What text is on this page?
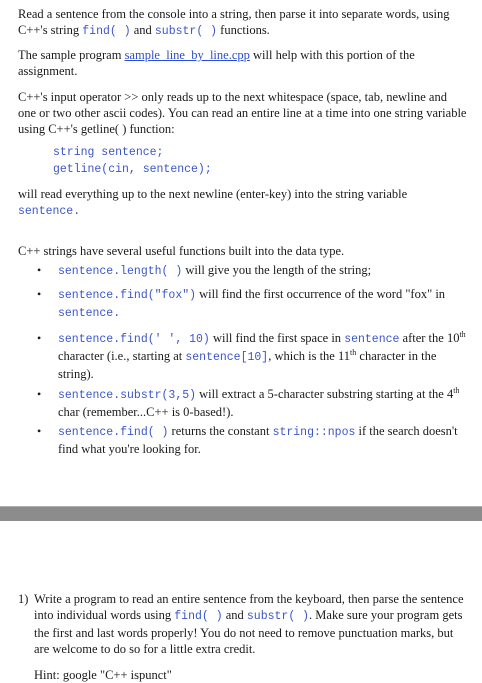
Read a sentence from the console into a string, then parse it into separate words, using C++'s string find( ) and substr( ) functions.

The sample program sample_line_by_line.cpp will help with this portion of the assignment.

C++'s input operator >> only reads up to the next whitespace (space, tab, newline and one or two other ascii codes). You can read an entire line at a time into one string variable using C++'s getline( ) function:

string sentence;
getline(cin, sentence);

will read everything up to the next newline (enter-key) into the string variable
sentence.

C++ strings have several useful functions built into the data type.

• sentence.length( ) will give you the length of the string;
• sentence.find("fox") will find the first occurrence of the word "fox" in sentence.
• sentence.find(' ', 10) will find the first space in sentence after the 10th character (i.e., starting at sentence[10], which is the 11th character in the string).
• sentence.substr(3,5) will extract a 5-character substring starting at the 4th char (remember...C++ is 0-based!).
• sentence.find( ) returns the constant string::npos if the search doesn't find what you're looking for.
1) Write a program to read an entire sentence from the keyboard, then parse the sentence into individual words using find( ) and substr( ). Make sure your program gets the first and last words properly! You do not need to remove punctuation marks, but are welcome to do so for a little extra credit.

Hint: google "C++ ispunct"
